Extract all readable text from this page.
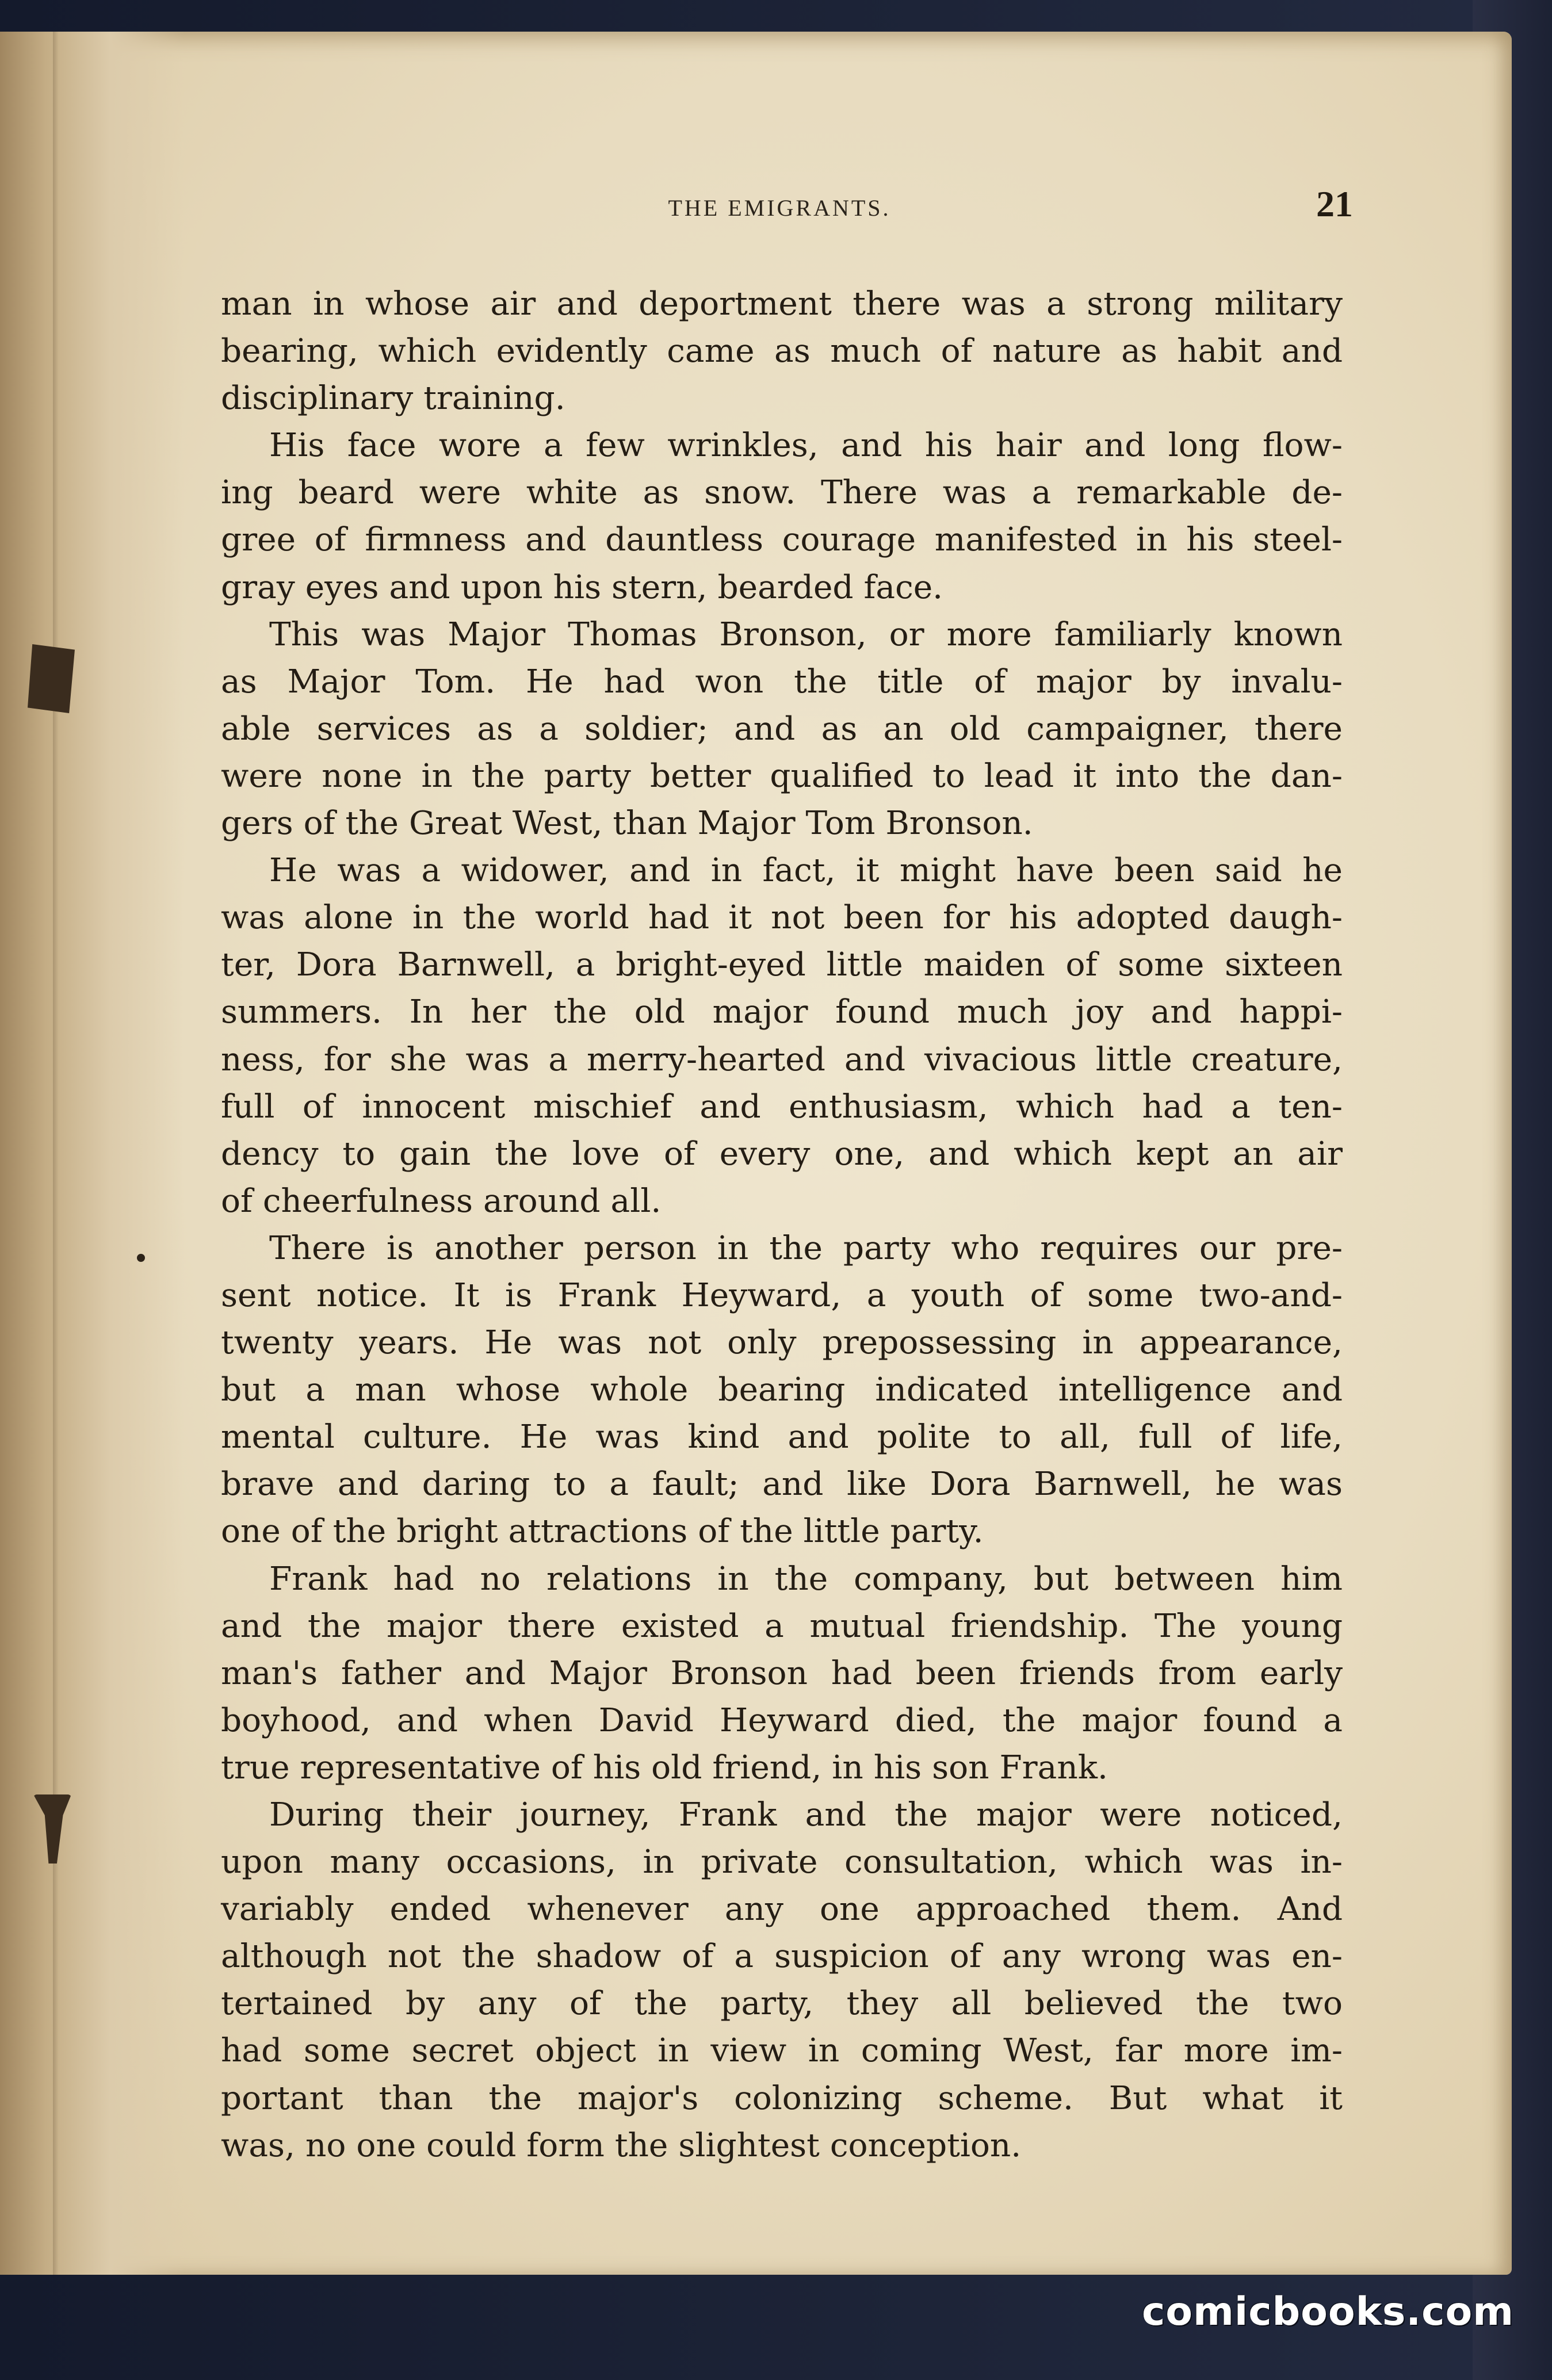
THE EMIGRANTS.	21

man in whose air and deportment there was a strong military

bearing, which evidently came as much of nature as habit and

disciplinary training.

His face wore a few wrinkles, and his hair and long flow-

ing beard were white as snow. There was a remarkable de-

gree of firmness and dauntless courage manifested in his steel-

gray eyes and upon his stern, bearded face.

This was Major Thomas Bronson, or more familiarly known

as Major Tom. He had won the title of major by invalu-

able services as a soldier; and as an old campaigner, there

were none in the party better qualified to lead it into the dan-

gers of the Great West, than Major Tom Bronson.

He was a widower, and in fact, it might have been said he

was alone in the world had it not been for his adopted daugh-

ter, Dora Barnwell, a bright-eyed little maiden of some sixteen

summers. In her the old major found much joy and happi-

ness, for she was a merry-hearted and vivacious little creature,

full of innocent mischief and enthusiasm, which had a ten-

dency to gain the love of every one, and which kept an air

of cheerfulness around all.

There is another person in the party who requires our pre-

sent notice. It is Frank Heyward, a youth of some two-and-

twenty years. He was not only prepossessing in appearance,

but a man whose whole bearing indicated intelligence and

mental culture. He was kind and polite to all, full of life,

brave and daring to a fault; and like Dora Barnwell, he was

one of the bright attractions of the little party.

Frank had no relations in the company, but between him

and the major there existed a mutual friendship. The young

man's father and Major Bronson had been friends from early

boyhood, and when David Heyward died, the major found a

true representative of his old friend, in his son Frank.

During their journey, Frank and the major were noticed,

upon many occasions, in private consultation, which was in-

variably ended whenever any one approached them. And

although not the shadow of a suspicion of any wrong was en-

tertained by any of the party, they all believed the two

had some secret object in view in coming West, far more im-

portant than the major's colonizing scheme. But what it

was, no one could form the slightest conception.

comicbooks.com
